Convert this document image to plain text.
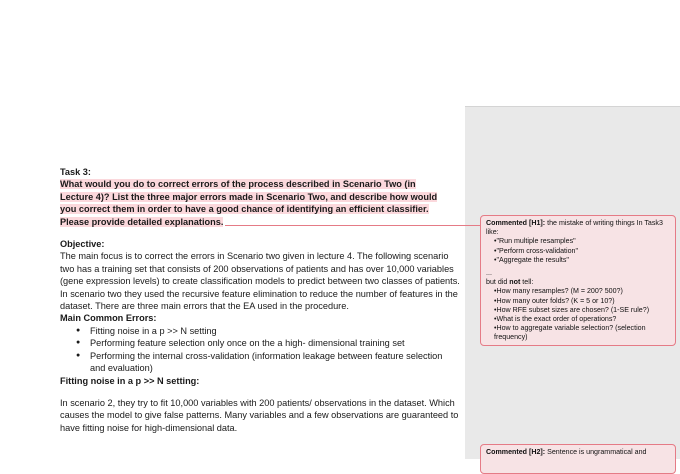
Task 3:

What would you do to correct errors of the process described in Scenario Two (in

Lecture 4)? List the three major errors made in Scenario Two, and describe how would

you correct them in order to have a good chance of identifying an efficient classifier.

Please provide detailed explanations.

Objective:

The main focus is to correct the errors in Scenario two given in lecture 4. The following scenario two has a training set that consists of 200 observations of patients and has over 10,000 variables (gene expression levels) to create classification models to predict between two classes of patients. In scenario two they used the recursive feature elimination to reduce the number of features in the dataset. There are three main errors that the EA used in the procedure.

Main Common Errors:

● Fitting noise in a p >> N setting
● Performing feature selection only once on the a high- dimensional training set
● Performing the internal cross-validation (information leakage between feature selection and evaluation)

Fitting noise in a p >> N setting:

In scenario 2, they try to fit 10,000 variables with 200 patients/ observations in the dataset. Which causes the model to give false patterns. Many variables and a few observations are guaranteed to have fitting noise for high-dimensional data.

Commented [H1]: the mistake of writing things In Task3 like:
•"Run multiple resamples"
•"Perform cross-validation"
•"Aggregate the results"
...
but did not tell:
•How many resamples? (M = 200? 500?)
•How many outer folds? (K = 5 or 10?)
•How RFE subset sizes are chosen? (1-SE rule?)
•What is the exact order of operations?
•How to aggregate variable selection? (selection frequency)
Commented [H2]: Sentence is ungrammatical and
